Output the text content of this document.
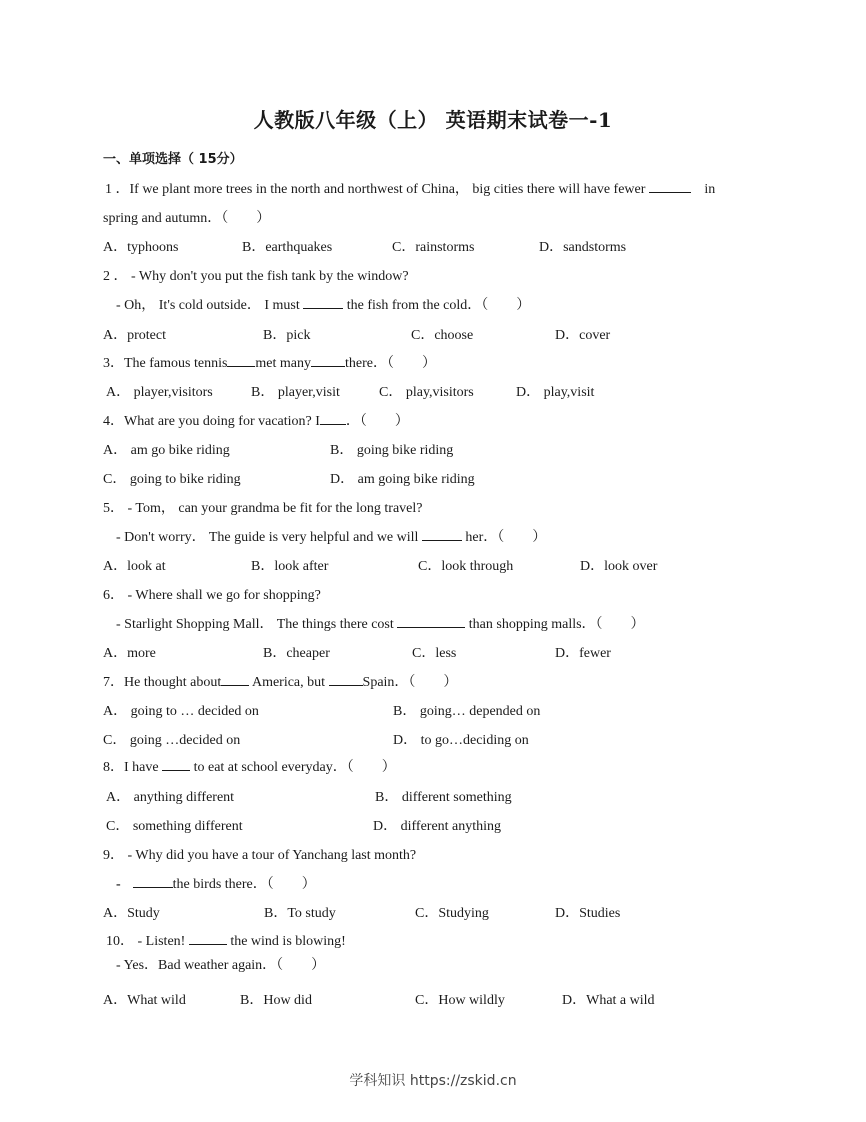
人教版八年级（上） 英语期末试卷一-1
一、单项选择（ 15分）
1 ．If we plant more trees in the north and northwest of China， big cities there will have fewer	in
spring and autumn．（　　）
A．typhoons	B．earthquakes	C．rainstorms	D．sandstorms
2 ． - Why don't you put the fish tank by the window?
- Oh， It's cold outside． I must	the fish from the cold．（　　）
A．protect	B．pick	C．choose	D．cover
3．The famous tennis met many there．（　　）
A． player,visitors	B． player,visit	C． play,visitors	D． play,visit
4．What are you doing for vacation? I ．（　　）
A． am go bike riding	B． going bike riding
C． going to bike riding	D． am going bike riding
5． - Tom， can your grandma be fit for the long travel?
- Don't worry． The guide is very helpful and we will	her．（　　）
A．look at	B．look after	C．look through	D．look over
6． - Where shall we go for shopping?
- Starlight Shopping Mall． The things there cost	than shopping malls．（　　）
A．more	B．cheaper	C．less	D．fewer
7．He thought about America, but	Spain．（　　）
A． going to … decided on	B． going… depended on
C． going …decided on	D． to go…deciding on
8．I have	to eat at school everyday．（　　）
A． anything different	B． different something
C． something different	D． different anything
9． - Why did you have a tour of Yanchang last month?
-	the birds there．（　　）
A．Study	B．To study	C．Studying	D．Studies
10． - Listen!	the wind is blowing!
- Yes．Bad weather again．（　　）
A．What wild	B．How did	C．How wildly	D．What a wild
学科知识 https://zskid.cn
